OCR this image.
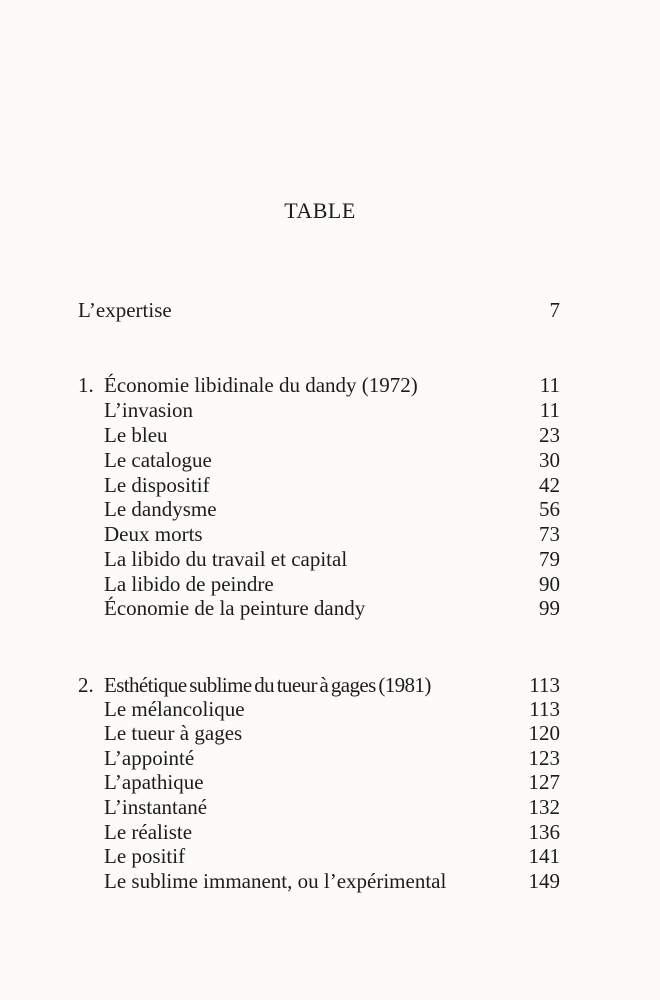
TABLE
L’expertise	7
1. Économie libidinale du dandy (1972)	11
L’invasion	11
Le bleu	23
Le catalogue	30
Le dispositif	42
Le dandysme	56
Deux morts	73
La libido du travail et capital	79
La libido de peindre	90
Économie de la peinture dandy	99
2. Esthétique sublime du tueur à gages (1981)	113
Le mélancolique	113
Le tueur à gages	120
L’appointé	123
L’apathique	127
L’instantané	132
Le réaliste	136
Le positif	141
Le sublime immanent, ou l’expérimental	149
